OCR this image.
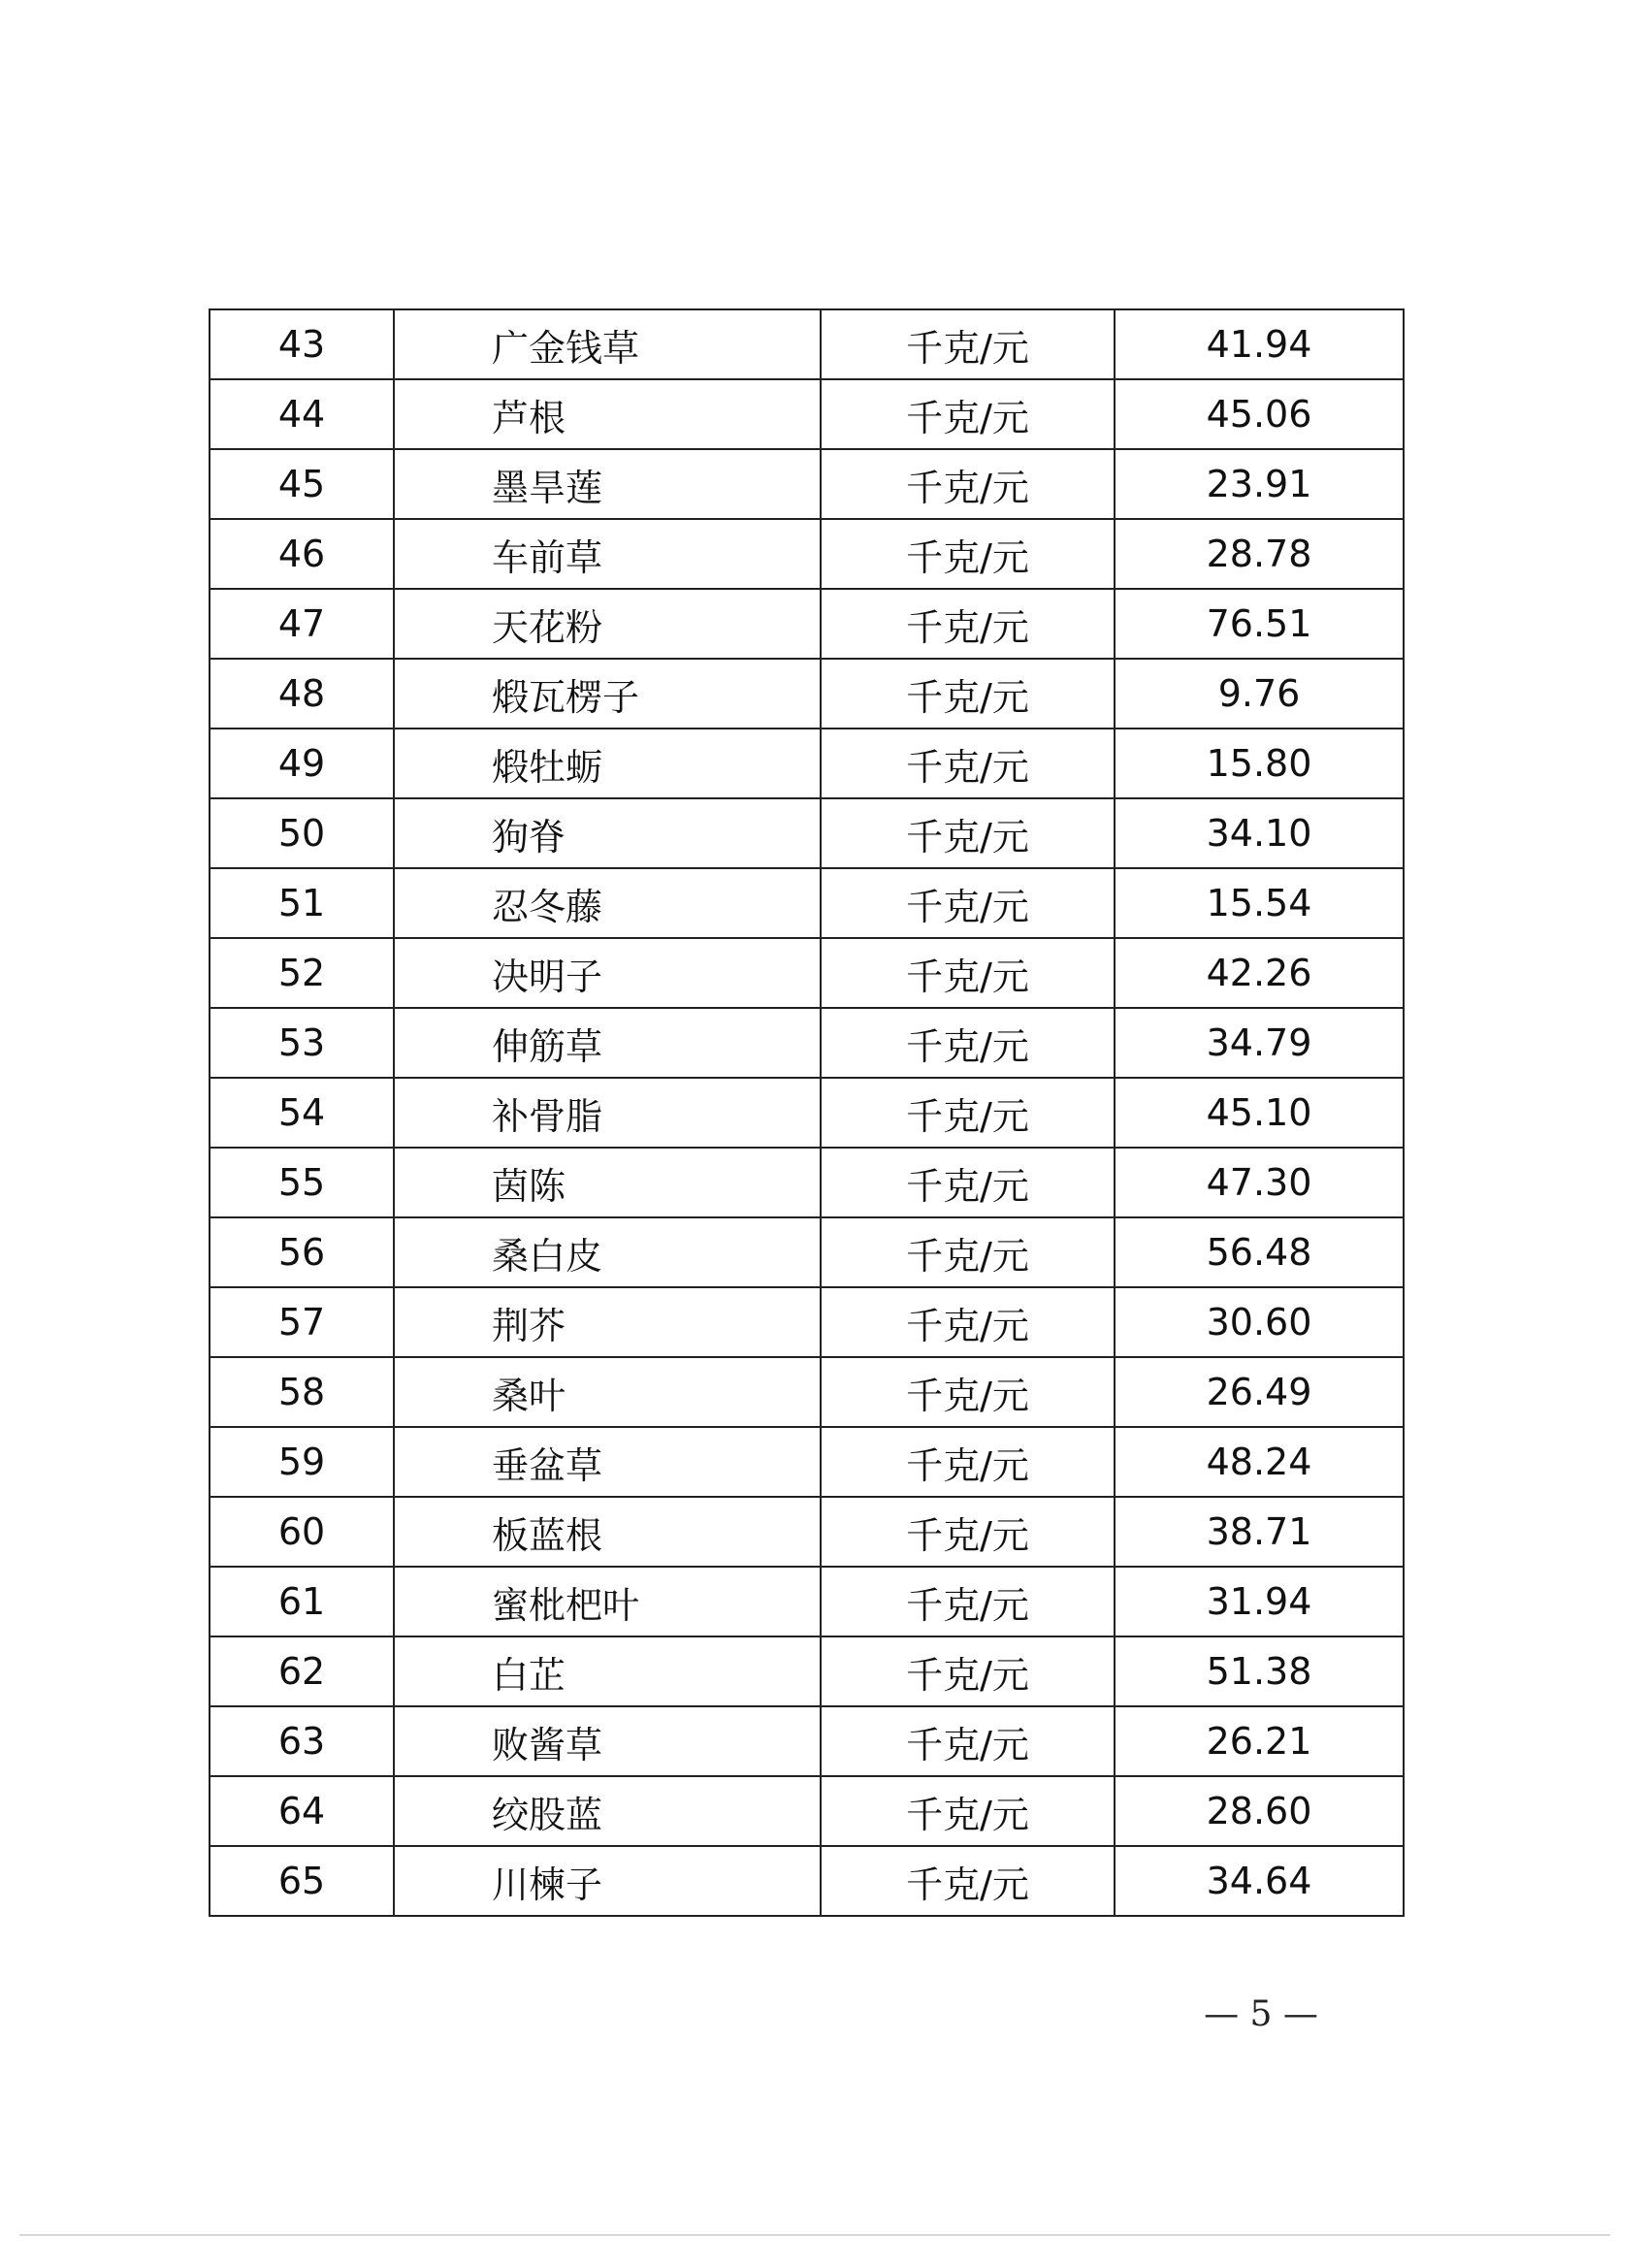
43	广金钱草	千克/元	41.94
44	芦根	千克/元	45.06
45	墨旱莲	千克/元	23.91
46	车前草	千克/元	28.78
47	天花粉	千克/元	76.51
48	煅瓦楞子	千克/元	9.76
49	煅牡蛎	千克/元	15.80
50	狗脊	千克/元	34.10
51	忍冬藤	千克/元	15.54
52	决明子	千克/元	42.26
53	伸筋草	千克/元	34.79
54	补骨脂	千克/元	45.10
55	茵陈	千克/元	47.30
56	桑白皮	千克/元	56.48
57	荆芥	千克/元	30.60
58	桑叶	千克/元	26.49
59	垂盆草	千克/元	48.24
60	板蓝根	千克/元	38.71
61	蜜枇杷叶	千克/元	31.94
62	白芷	千克/元	51.38
63	败酱草	千克/元	26.21
64	绞股蓝	千克/元	28.60
65	川楝子	千克/元	34.64
— 5 —
